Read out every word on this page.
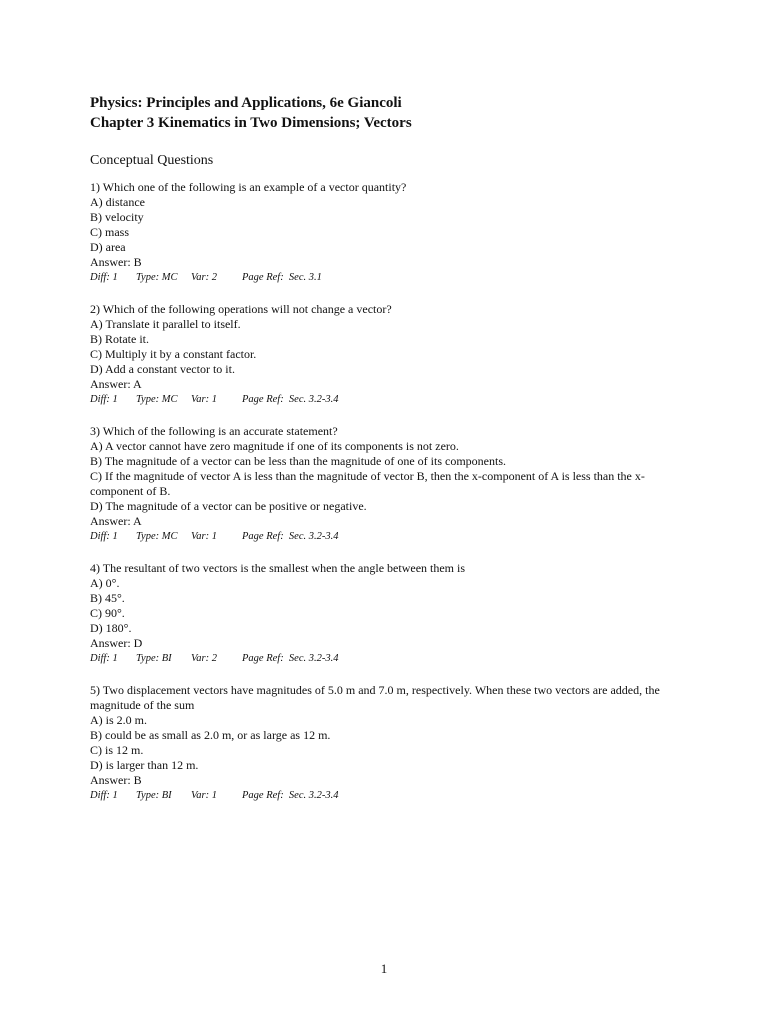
Physics: Principles and Applications, 6e Giancoli

Chapter 3 Kinematics in Two Dimensions; Vectors

Conceptual Questions

1) Which one of the following is an example of a vector quantity?

A) distance

B) velocity

C) mass

D) area

Answer: B

Diff: 1	Type: MC	Var: 2	Page Ref:  Sec. 3.1

2) Which of the following operations will not change a vector?

A) Translate it parallel to itself.

B) Rotate it.

C) Multiply it by a constant factor.

D) Add a constant vector to it.

Answer: A

Diff: 1	Type: MC	Var: 1	Page Ref:  Sec. 3.2-3.4

3) Which of the following is an accurate statement?

A) A vector cannot have zero magnitude if one of its components is not zero.

B) The magnitude of a vector can be less than the magnitude of one of its components.

C) If the magnitude of vector A is less than the magnitude of vector B, then the x-component of A is less than the x-component of B.

D) The magnitude of a vector can be positive or negative.

Answer: A

Diff: 1	Type: MC	Var: 1	Page Ref:  Sec. 3.2-3.4

4) The resultant of two vectors is the smallest when the angle between them is

A) 0°.

B) 45°.

C) 90°.

D) 180°.

Answer: D

Diff: 1	Type: BI	Var: 2	Page Ref:  Sec. 3.2-3.4

5) Two displacement vectors have magnitudes of 5.0 m and 7.0 m, respectively. When these two vectors are added, the magnitude of the sum

A) is 2.0 m.

B) could be as small as 2.0 m, or as large as 12 m.

C) is 12 m.

D) is larger than 12 m.

Answer: B

Diff: 1	Type: BI	Var: 1	Page Ref:  Sec. 3.2-3.4

1
